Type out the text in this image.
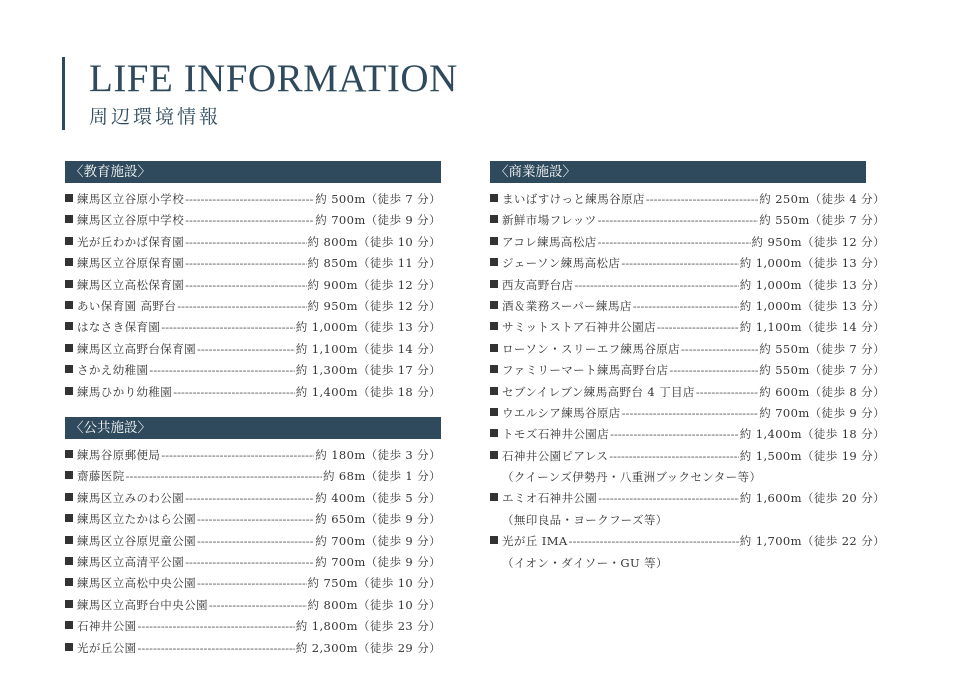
LIFE INFORMATION
周辺環境情報
〈教育施設〉
練馬区立谷原小学校 -----	約 500m（徒歩 7 分）
練馬区立谷原中学校 -----	約 700m（徒歩 9 分）
光が丘わかば保育園 -----	約 800m（徒歩 10 分）
練馬区立谷原保育園 -----	約 850m（徒歩 11 分）
練馬区立高松保育園 -----	約 900m（徒歩 12 分）
あい保育園 高野台 -----	約 950m（徒歩 12 分）
はなさき保育園 -----	約 1,000m（徒歩 13 分）
練馬区立高野台保育園 -----	約 1,100m（徒歩 14 分）
さかえ幼稚園 -----	約 1,300m（徒歩 17 分）
練馬ひかり幼稚園 -----	約 1,400m（徒歩 18 分）
〈公共施設〉
練馬谷原郵便局 -----	約 180m（徒歩 3 分）
齋藤医院 -----	約 68m（徒歩 1 分）
練馬区立みのわ公園 -----	約 400m（徒歩 5 分）
練馬区立たかはら公園 -----	約 650m（徒歩 9 分）
練馬区立谷原児童公園 -----	約 700m（徒歩 9 分）
練馬区立高清平公園 -----	約 700m（徒歩 9 分）
練馬区立高松中央公園 -----	約 750m（徒歩 10 分）
練馬区立高野台中央公園 -----	約 800m（徒歩 10 分）
石神井公園 -----	約 1,800m（徒歩 23 分）
光が丘公園 -----	約 2,300m（徒歩 29 分）
〈商業施設〉
まいばすけっと練馬谷原店 -----	約 250m（徒歩 4 分）
新鮮市場フレッツ -----	約 550m（徒歩 7 分）
アコレ練馬高松店 -----	約 950m（徒歩 12 分）
ジェーソン練馬高松店 -----	約 1,000m（徒歩 13 分）
西友高野台店 -----	約 1,000m（徒歩 13 分）
酒＆業務スーパー練馬店 -----	約 1,000m（徒歩 13 分）
サミットストア石神井公園店 -----	約 1,100m（徒歩 14 分）
ローソン・スリーエフ練馬谷原店 -----	約 550m（徒歩 7 分）
ファミリーマート練馬高野台店 -----	約 550m（徒歩 7 分）
セブンイレブン練馬高野台 4 丁目店 -----	約 600m（徒歩 8 分）
ウエルシア練馬谷原店 -----	約 700m（徒歩 9 分）
トモズ石神井公園店 -----	約 1,400m（徒歩 18 分）
石神井公園ピアレス -----	約 1,500m（徒歩 19 分）
（クイーンズ伊勢丹・八重洲ブックセンター等）
エミオ石神井公園 -----	約 1,600m（徒歩 20 分）
（無印良品・ヨークフーズ等）
光が丘 IMA -----	約 1,700m（徒歩 22 分）
（イオン・ダイソー・GU 等）
